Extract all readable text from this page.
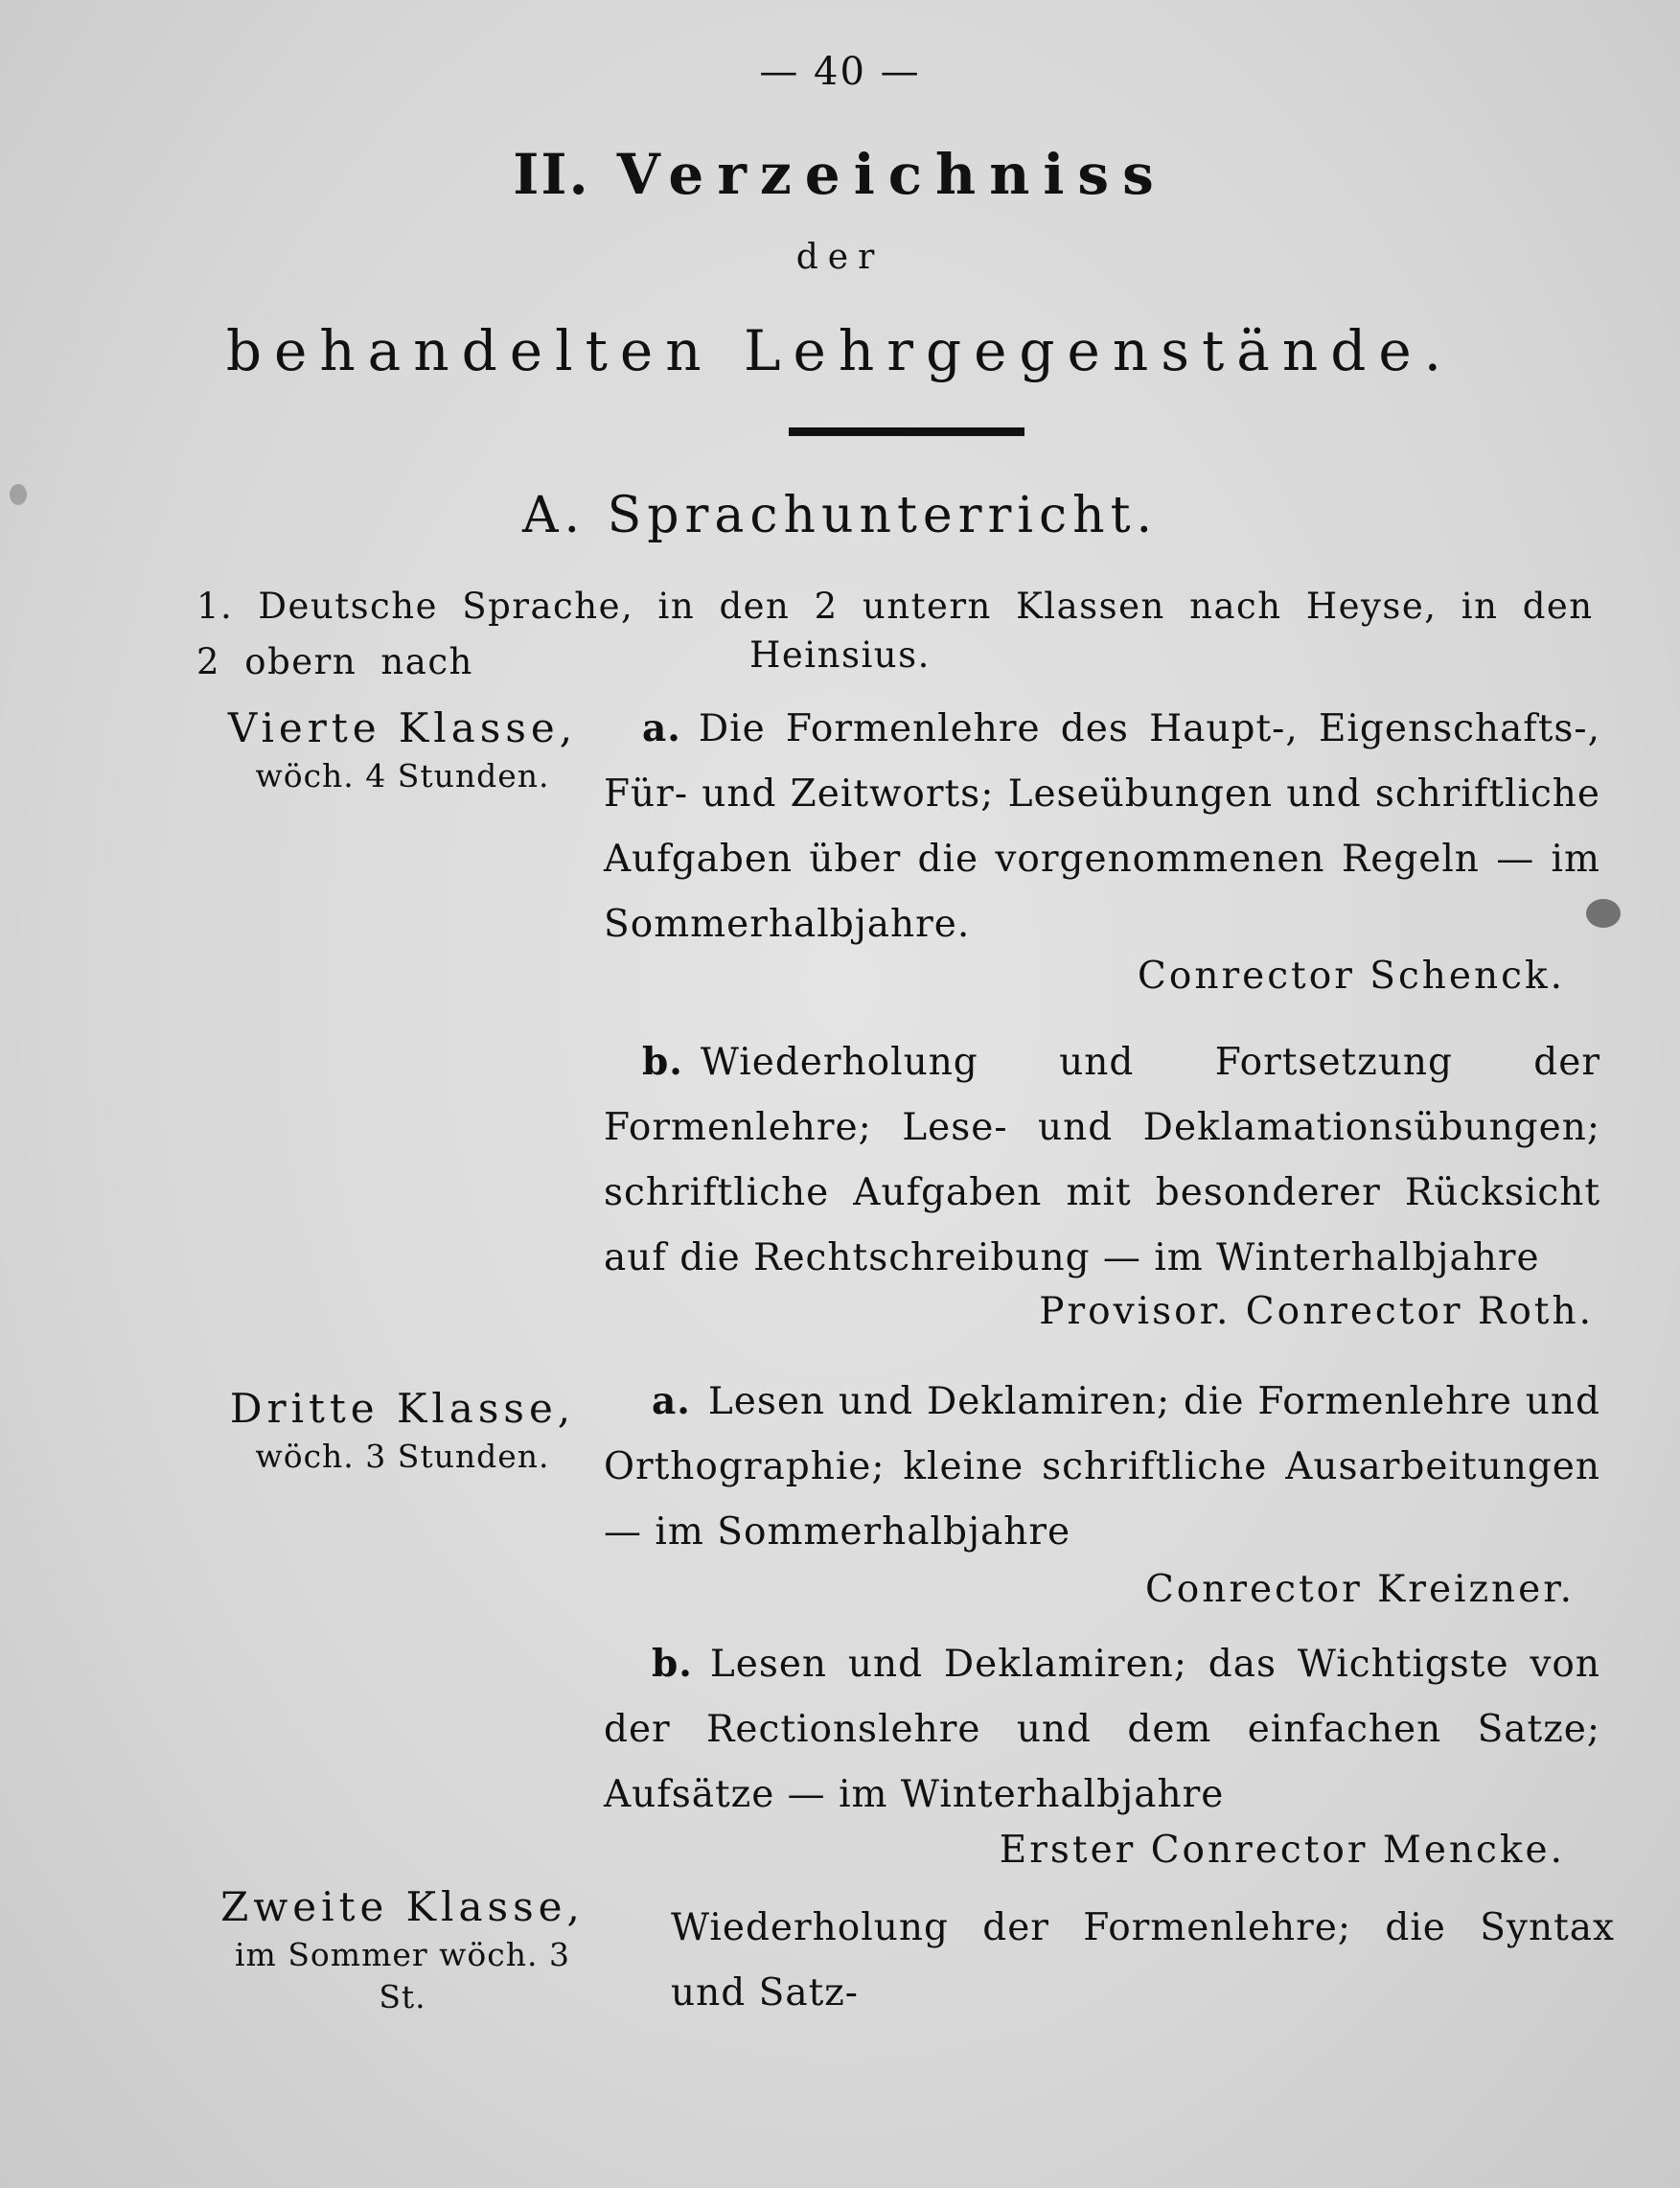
— 40 —
II. Verzeichniss
der
behandelten Lehrgegenstände.
A. Sprachunterricht.
1. Deutsche Sprache, in den 2 untern Klassen nach Heyse, in den 2 obern nach	Heinsius.
Vierte Klasse,
wöch. 4 Stunden.
a. Die Formenlehre des Haupt-, Eigenschafts-, Für- und Zeitworts; Leseübungen und schriftliche Aufgaben über die vorgenommenen Regeln — im Sommerhalbjahre.
Conrector Schenck.
b. Wiederholung und Fortsetzung der Formenlehre; Lese- und Deklamationsübungen; schriftliche Aufgaben mit besonderer Rücksicht auf die Rechtschreibung — im Winterhalbjahre
Provisor. Conrector Roth.
Dritte Klasse,
wöch. 3 Stunden.
a. Lesen und Deklamiren; die Formenlehre und Orthographie; kleine schriftliche Ausarbeitungen — im Sommerhalbjahre
Conrector Kreizner.
b. Lesen und Deklamiren; das Wichtigste von der Rectionslehre und dem einfachen Satze; Aufsätze — im Winterhalbjahre
Erster Conrector Mencke.
Zweite Klasse,
im Sommer wöch. 3 St.
Wiederholung der Formenlehre; die Syntax und Satz-
